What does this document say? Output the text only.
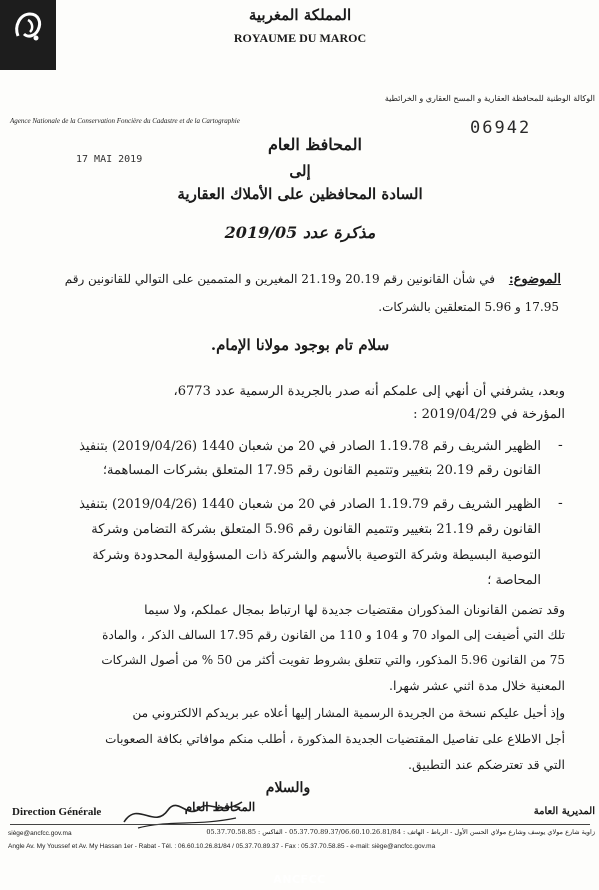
المملكة المغربية
ROYAUME DU MAROC
ANCFCC
الوكالة الوطنية للمحافظة العقارية و المسح العقاري و الخرائطية
Agence Nationale de la Conservation Foncière du Cadastre et de la Cartographie	06942
17 MAI 2019
المحافظ العام
إلى
السادة المحافظين على الأملاك العقارية
مذكرة عدد 2019/05
الموضوع:
في شأن القانونين رقم 20.19 و21.19 المغيرين و المتممين على التوالي للقانونين رقم
17.95 و 5.96 المتعلقين بالشركات.
سلام تام بوجود مولانا الإمام.
وبعد، يشرفني أن أنهي إلى علمكم أنه صدر بالجريدة الرسمية عدد 6773،
المؤرخة في 2019/04/29 :
-
الظهير الشريف رقم 1.19.78 الصادر في 20 من شعبان 1440 (2019/04/26) بتنفيذ
القانون رقم 20.19 بتغيير وتتميم القانون رقم 17.95 المتعلق بشركات المساهمة؛
-
الظهير الشريف رقم 1.19.79 الصادر في 20 من شعبان 1440 (2019/04/26) بتنفيذ
القانون رقم 21.19 بتغيير وتتميم القانون رقم 5.96 المتعلق بشركة التضامن وشركة
التوصية البسيطة وشركة التوصية بالأسهم والشركة ذات المسؤولية المحدودة وشركة
المحاصة ؛
وقد تضمن القانونان المذكوران مقتضيات جديدة لها ارتباط بمجال عملكم، ولا سيما
تلك التي أضيفت إلى المواد 70 و 104 و 110 من القانون رقم 17.95 السالف الذكر ، والمادة
75 من القانون 5.96 المذكور، والتي تتعلق بشروط تفويت أكثر من 50 % من أصول الشركات
المعنية خلال مدة اثني عشر شهرا.
وإذ أحيل عليكم نسخة من الجريدة الرسمية المشار إليها أعلاه عبر بريدكم الالكتروني من
أجل الاطلاع على تفاصيل المقتضيات الجديدة المذكورة ، أطلب منكم موافاتي بكافة الصعوبات
التي قد تعترضكم عند التطبيق.
والسلام
المحافظ العام
Direction Générale	المديرية العامة
siège@ancfcc.gov.ma	زاوية شارع مولاي يوسف وشارع مولاي الحسن الأول - الرباط - الهاتف : 05.37.70.89.37/06.60.10.26.81/84 - الفاكس : 05.37.70.58.85
Angle Av. My Youssef et Av. My Hassan 1er - Rabat - Tél. : 06.60.10.26.81/84 / 05.37.70.89.37 - Fax : 05.37.70.58.85 - e-mail: siège@ancfcc.gov.ma
